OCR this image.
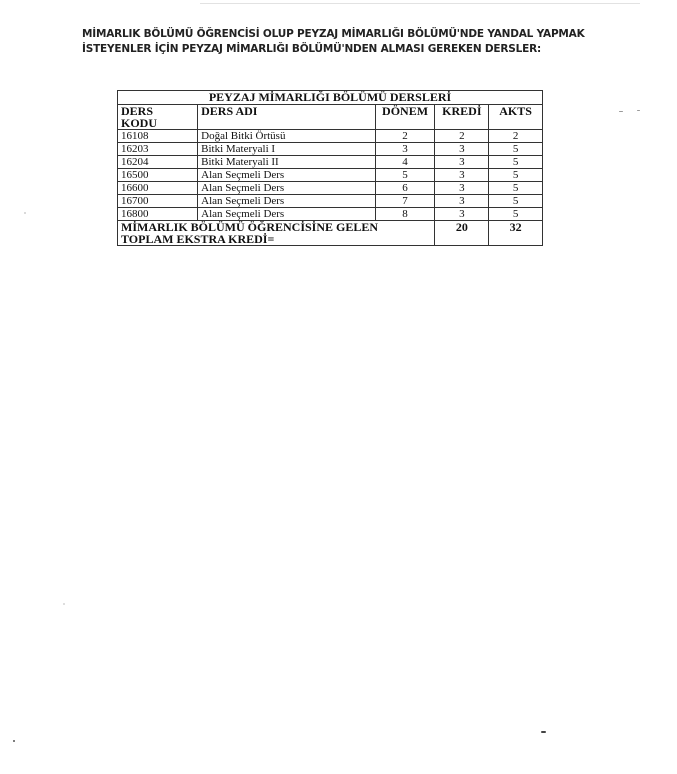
MİMARLIK BÖLÜMÜ ÖĞRENCİSİ OLUP PEYZAJ MİMARLIĞI BÖLÜMÜ'NDE YANDAL YAPMAK
İSTEYENLER İÇİN PEYZAJ MİMARLIĞI BÖLÜMÜ'NDEN ALMASI GEREKEN DERSLER:
PEYZAJ MİMARLIĞI BÖLÜMÜ DERSLERİ				

DERS
KODU	DERS ADI	DÖNEM	KREDİ	AKTS
16108	Doğal Bitki Örtüsü	2	2	2
16203	Bitki Materyali I	3	3	5
16204	Bitki Materyali II	4	3	5
16500	Alan Seçmeli Ders	5	3	5
16600	Alan Seçmeli Ders	6	3	5
16700	Alan Seçmeli Ders	7	3	5
16800	Alan Seçmeli Ders	8	3	5

MİMARLIK BÖLÜMÜ ÖĞRENCİSİNE GELEN
TOPLAM EKSTRA KREDİ=			20	32
